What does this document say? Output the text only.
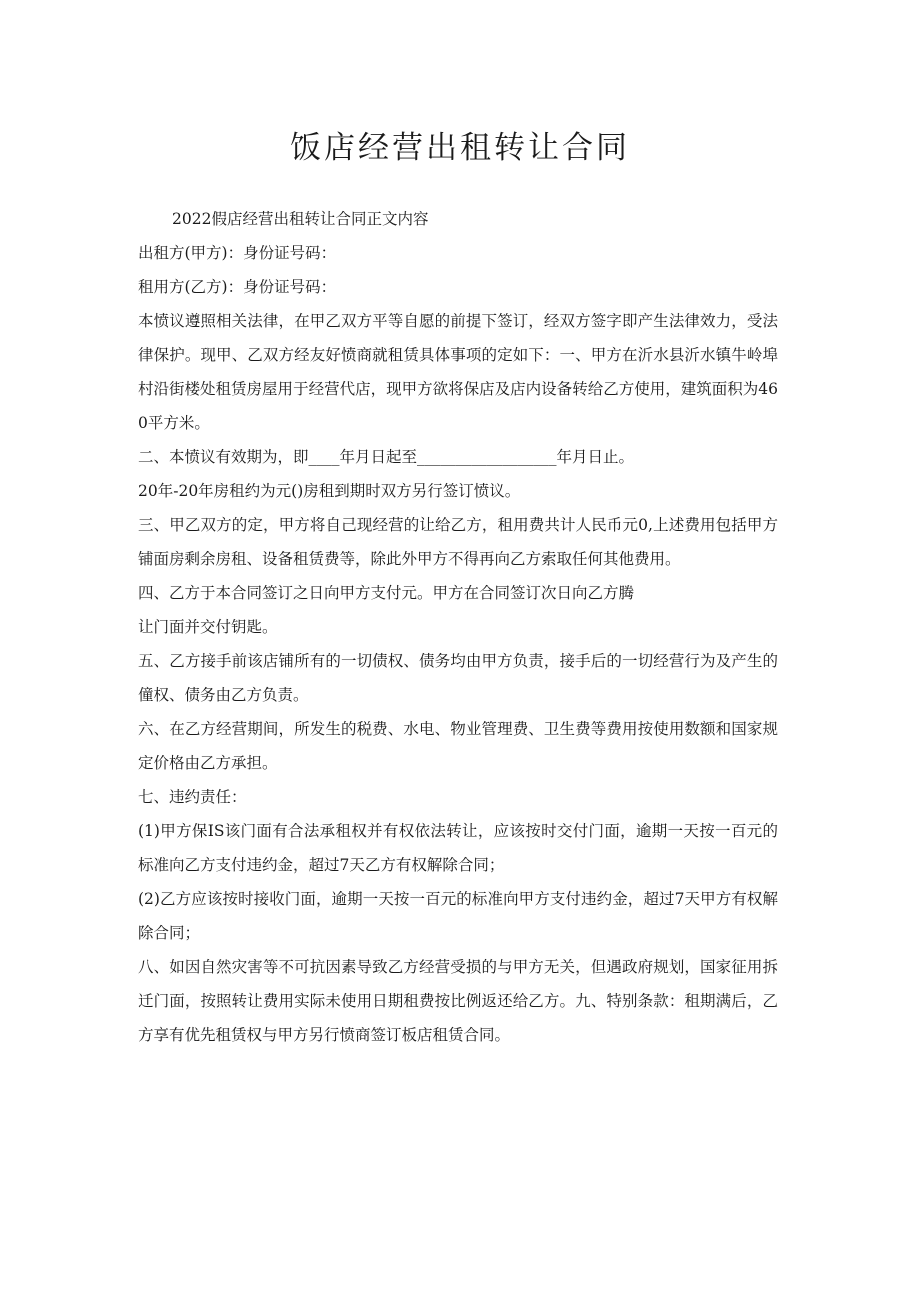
饭店经营出租转让合同

2022假店经营出租转让合同正文内容

出租方(甲方)：身份证号码：

租用方(乙方)：身份证号码：

本愤议遵照相关法律，在甲乙双方平等自愿的前提下签订，经双方签字即产生法律效力，受法律保护。现甲、乙双方经友好愤商就租赁具体事项的定如下：一、甲方在沂水县沂水镇牛岭埠村沿街楼处租赁房屋用于经营代店，现甲方欲将保店及店内设备转给乙方使用，建筑面积为460平方米。

二、本愤议有效期为，即____年月日起至__________________年月日止。

20年-20年房租约为元()房租到期时双方另行签订愤议。

三、甲乙双方的定，甲方将自己现经营的让给乙方，租用费共计人民币元0,上述费用包括甲方铺面房剩余房租、设备租赁费等，除此外甲方不得再向乙方索取任何其他费用。

四、乙方于本合同签订之日向甲方支付元。甲方在合同签订次日向乙方腾

让门面并交付钥匙。

五、乙方接手前该店铺所有的一切债权、债务均由甲方负责，接手后的一切经营行为及产生的僮权、债务由乙方负责。

六、在乙方经营期间，所发生的税费、水电、物业管理费、卫生费等费用按使用数额和国家规定价格由乙方承担。

七、违约责任：

(1)甲方保IS该门面有合法承租权并有权依法转让，应该按时交付门面，逾期一天按一百元的标准向乙方支付违约金，超过7天乙方有权解除合同；

(2)乙方应该按时接收门面，逾期一天按一百元的标准向甲方支付违约金，超过7天甲方有权解除合同；

八、如因自然灾害等不可抗因素导致乙方经营受损的与甲方无关，但遇政府规划，国家征用拆迁门面，按照转让费用实际未使用日期租费按比例返还给乙方。九、特别条款：租期满后，乙方享有优先租赁权与甲方另行愤商签订板店租赁合同。
